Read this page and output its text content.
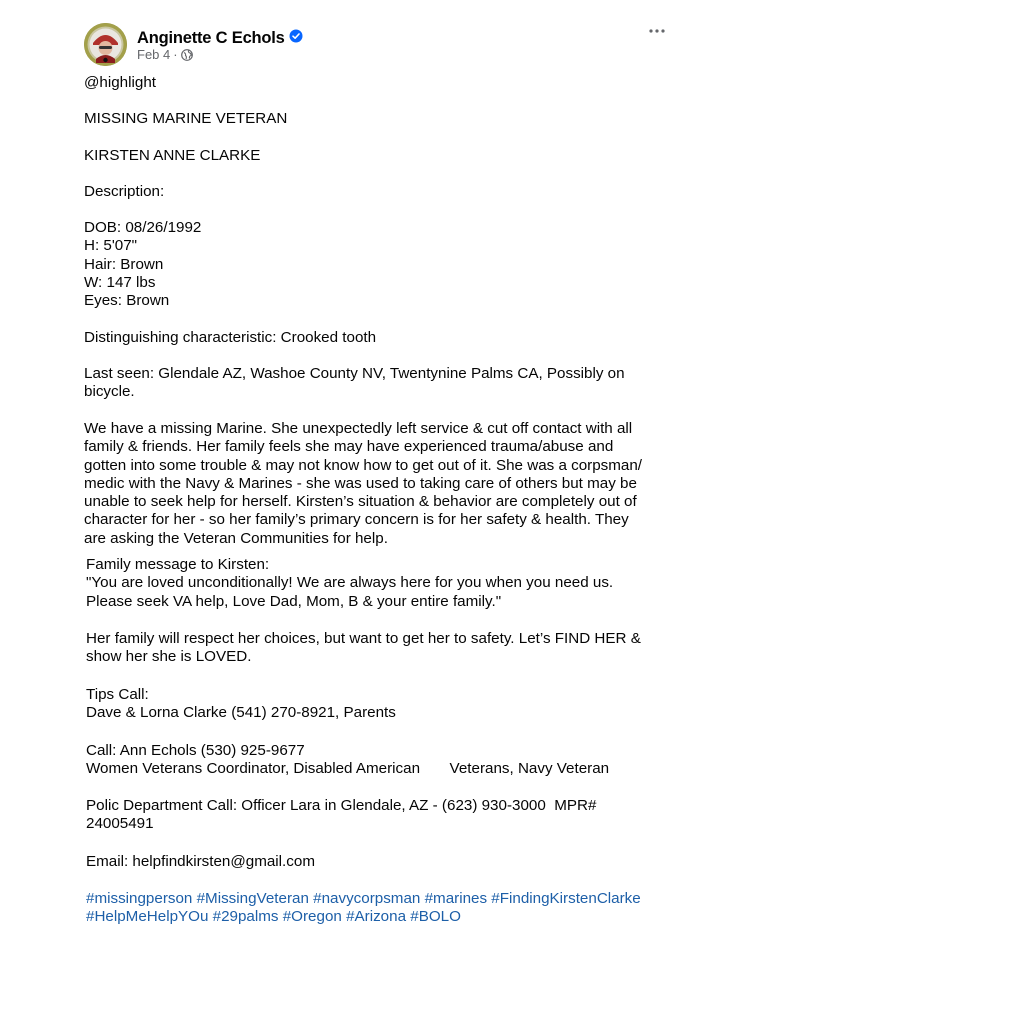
Anginette C Echols
Feb 4 ·
@highlight
MISSING MARINE VETERAN
KIRSTEN ANNE CLARKE
Description:
DOB: 08/26/1992
H: 5'07"
Hair: Brown
W: 147 lbs
Eyes: Brown
Distinguishing characteristic: Crooked tooth
Last seen: Glendale AZ, Washoe County NV, Twentynine Palms CA, Possibly on
bicycle.
We have a missing Marine. She unexpectedly left service & cut off contact with all
family & friends. Her family feels she may have experienced trauma/abuse and
gotten into some trouble & may not know how to get out of it. She was a corpsman/
medic with the Navy & Marines - she was used to taking care of others but may be
unable to seek help for herself. Kirsten’s situation & behavior are completely out of
character for her - so her family’s primary concern is for her safety & health. They
are asking the Veteran Communities for help.
Family message to Kirsten:
"You are loved unconditionally! We are always here for you when you need us.
Please seek VA help, Love Dad, Mom, B & your entire family."
Her family will respect her choices, but want to get her to safety. Let’s FIND HER &
show her she is LOVED.
Tips Call:
Dave & Lorna Clarke (541) 270-8921, Parents
Call: Ann Echols (530) 925-9677
Women Veterans Coordinator, Disabled American       Veterans, Navy Veteran
Polic Department Call: Officer Lara in Glendale, AZ - (623) 930-3000  MPR#
24005491
Email: helpfindkirsten@gmail.com
#missingperson #MissingVeteran #navycorpsman #marines #FindingKirstenClarke
#HelpMeHelpYOu #29palms #Oregon #Arizona #BOLO
